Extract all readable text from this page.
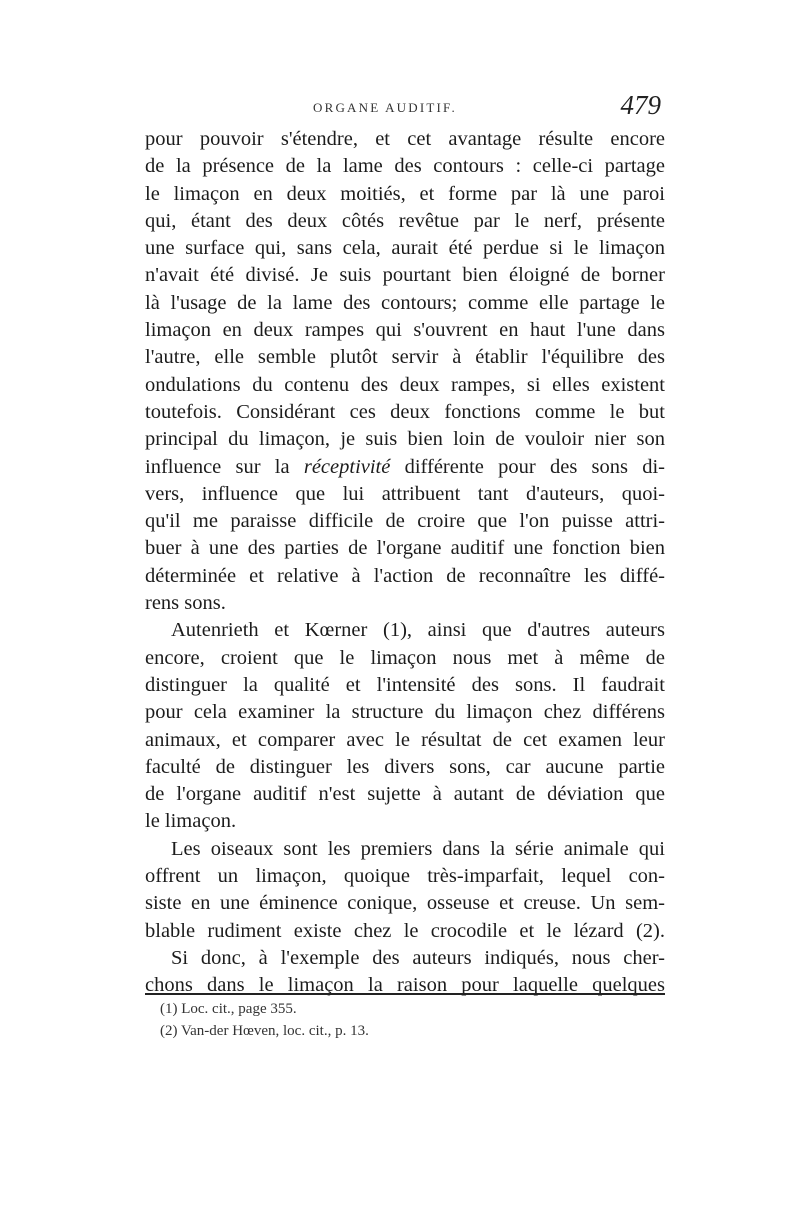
ORGANE AUDITIF.	479
pour pouvoir s'étendre, et cet avantage résulte encore
de la présence de la lame des contours : celle-ci partage
le limaçon en deux moitiés, et forme par là une paroi
qui, étant des deux côtés revêtue par le nerf, présente
une surface qui, sans cela, aurait été perdue si le limaçon
n'avait été divisé. Je suis pourtant bien éloigné de borner
là l'usage de la lame des contours; comme elle partage le
limaçon en deux rampes qui s'ouvrent en haut l'une dans
l'autre, elle semble plutôt servir à établir l'équilibre des
ondulations du contenu des deux rampes, si elles existent
toutefois. Considérant ces deux fonctions comme le but
principal du limaçon, je suis bien loin de vouloir nier son
influence sur la réceptivité différente pour des sons di-
vers, influence que lui attribuent tant d'auteurs, quoi-
qu'il me paraisse difficile de croire que l'on puisse attri-
buer à une des parties de l'organe auditif une fonction bien
déterminée et relative à l'action de reconnaître les diffé-
rens sons.
Autenrieth et Kœrner (1), ainsi que d'autres auteurs
encore, croient que le limaçon nous met à même de
distinguer la qualité et l'intensité des sons. Il faudrait
pour cela examiner la structure du limaçon chez différens
animaux, et comparer avec le résultat de cet examen leur
faculté de distinguer les divers sons, car aucune partie
de l'organe auditif n'est sujette à autant de déviation que
le limaçon.
Les oiseaux sont les premiers dans la série animale qui
offrent un limaçon, quoique très-imparfait, lequel con-
siste en une éminence conique, osseuse et creuse. Un sem-
blable rudiment existe chez le crocodile et le lézard (2).
Si donc, à l'exemple des auteurs indiqués, nous cher-
chons dans le limaçon la raison pour laquelle quelques
(1) Loc. cit., page 355.
(2) Van-der Hœven, loc. cit., p. 13.
